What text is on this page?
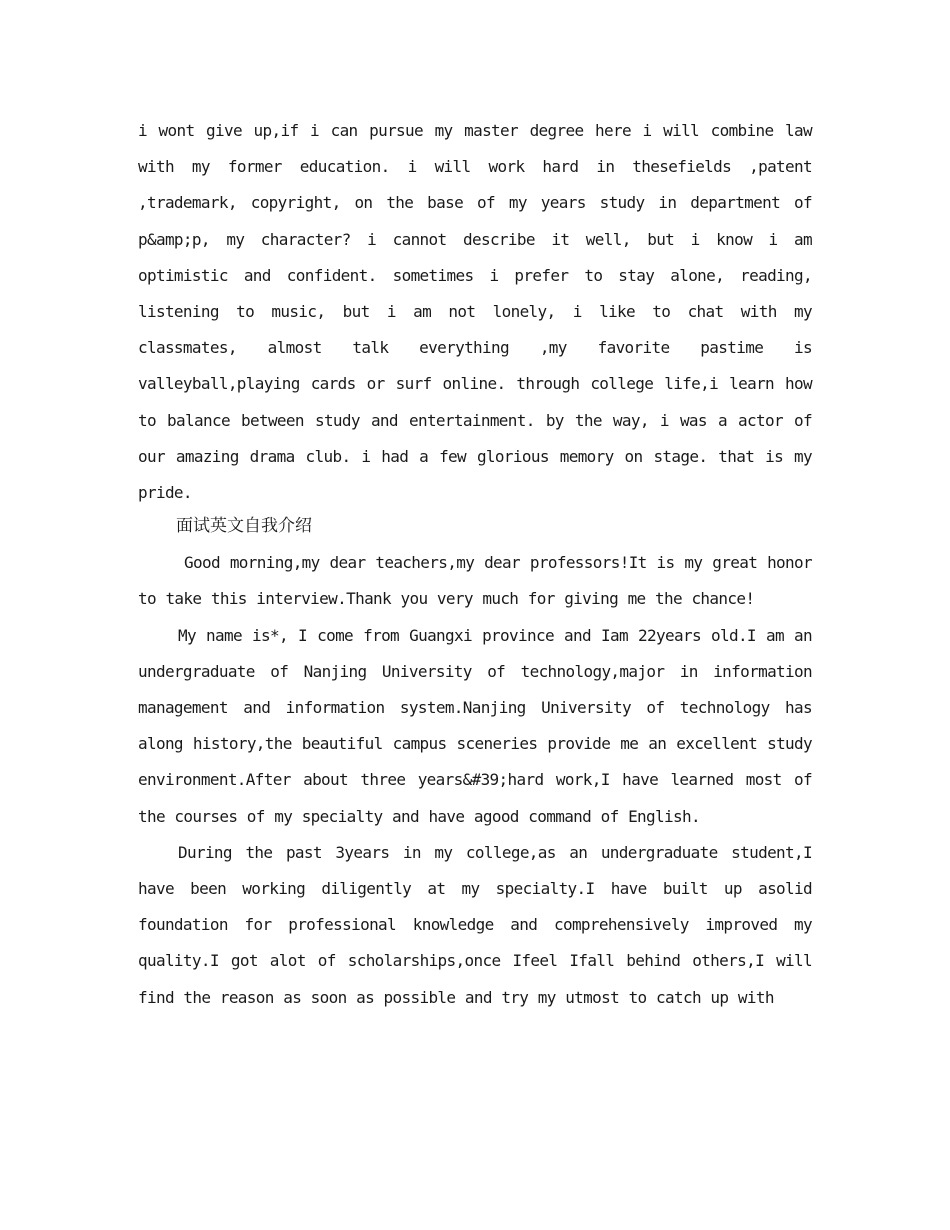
i wont give up,if i can pursue my master degree here i will combine law with my former education. i will work hard in thesefields ,patent ,trademark, copyright, on the base of my years study in department of p&amp;p, my character? i cannot describe it well, but i know i am optimistic and confident. sometimes i prefer to stay alone, reading, listening to music, but i am not lonely, i like to chat with my classmates, almost talk everything ,my favorite pastime is valleyball,playing cards or surf online. through college life,i learn how to balance between study and entertainment. by the way, i was a actor of our amazing drama club. i had a few glorious memory on stage. that is my pride.

面试英文自我介绍

Good morning,my dear teachers,my dear professors!It is my great honor to take this interview.Thank you very much for giving me the chance!

My name is*, I come from Guangxi province and Iam 22years old.I am an undergraduate of Nanjing University of technology,major in information management and information system.Nanjing University of technology has along history,the beautiful campus sceneries provide me an excellent study environment.After about three years&#39;hard work,I have learned most of the courses of my specialty and have agood command of English.

During the past 3years in my college,as an undergraduate student,I have been working diligently at my specialty.I have built up asolid foundation for professional knowledge and comprehensively improved my quality.I got alot of scholarships,once Ifeel Ifall behind others,I will find the reason as soon as possible and try my utmost to catch up with
